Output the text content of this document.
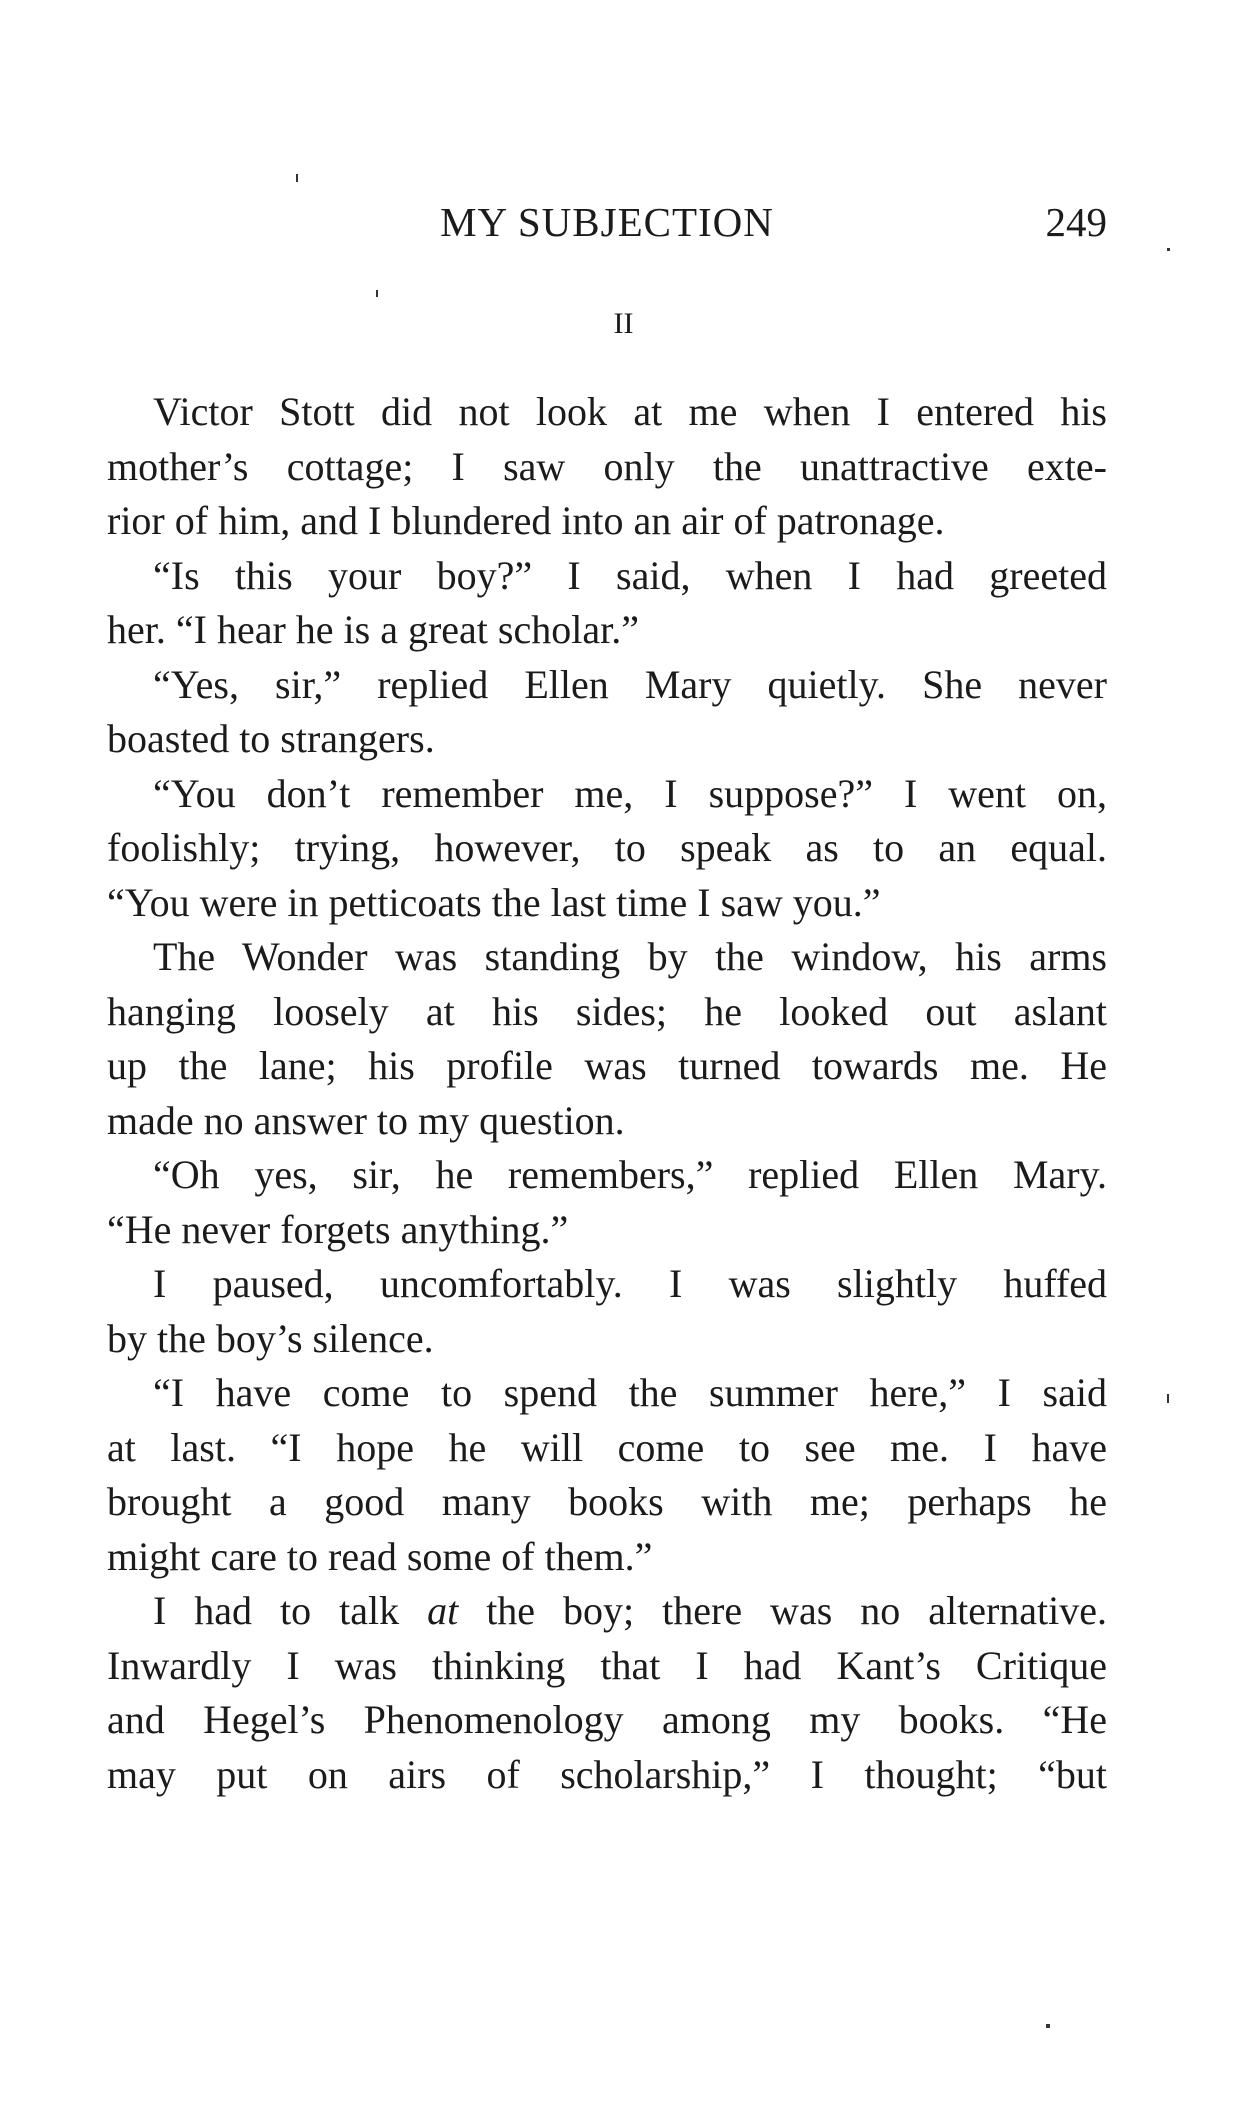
MY SUBJECTION	249
II
Victor Stott did not look at me when I entered his
mother’s cottage; I saw only the unattractive exte-
rior of him, and I blundered into an air of patronage.
“Is this your boy?” I said, when I had greeted
her. “I hear he is a great scholar.”
“Yes, sir,” replied Ellen Mary quietly. She never
boasted to strangers.
“You don’t remember me, I suppose?” I went on,
foolishly; trying, however, to speak as to an equal.
“You were in petticoats the last time I saw you.”
The Wonder was standing by the window, his arms
hanging loosely at his sides; he looked out aslant
up the lane; his profile was turned towards me. He
made no answer to my question.
“Oh yes, sir, he remembers,” replied Ellen Mary.
“He never forgets anything.”
I paused, uncomfortably. I was slightly huffed
by the boy’s silence.
“I have come to spend the summer here,” I said
at last. “I hope he will come to see me. I have
brought a good many books with me; perhaps he
might care to read some of them.”
I had to talk at the boy; there was no alternative.
Inwardly I was thinking that I had Kant’s Critique
and Hegel’s Phenomenology among my books. “He
may put on airs of scholarship,” I thought; “but
